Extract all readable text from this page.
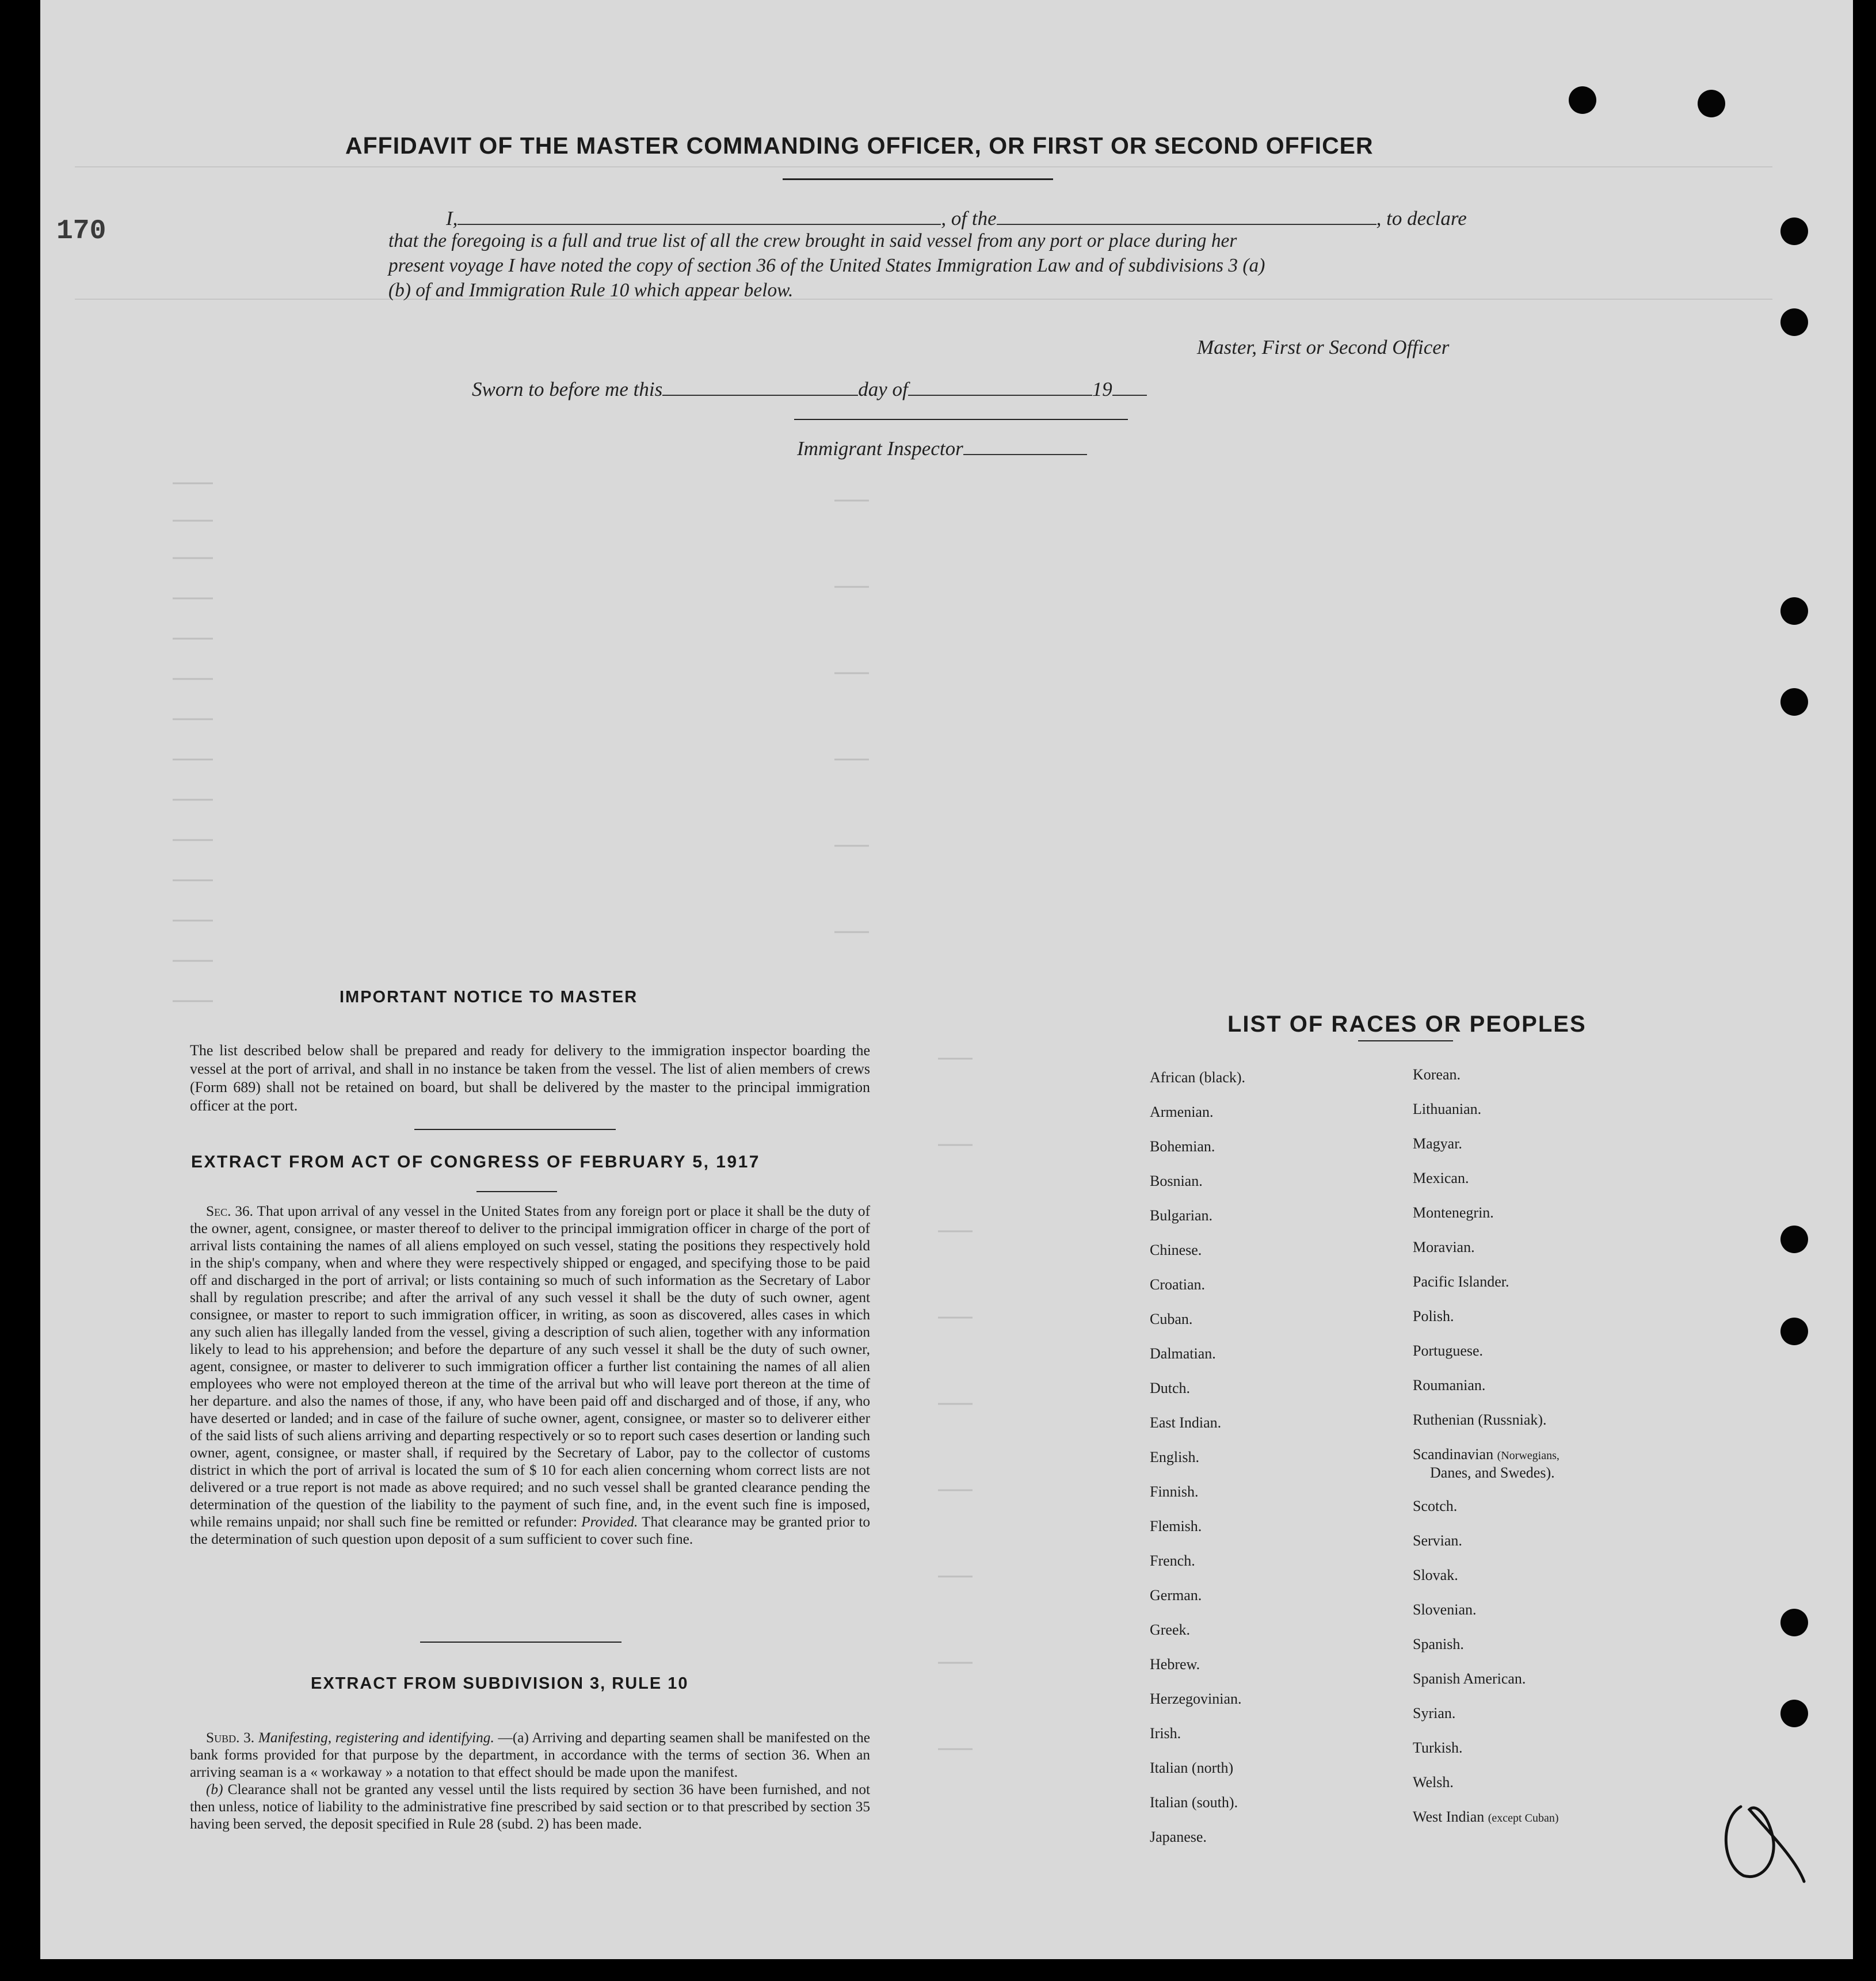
170
AFFIDAVIT OF THE MASTER COMMANDING OFFICER, OR FIRST OR SECOND OFFICER
I,	, of the	, to declare
that the foregoing is a full and true list of all the crew brought in said vessel from any port or place during her
present voyage I have noted the copy of section 36 of the United States Immigration Law and of subdivisions 3 (a)
(b) of and Immigration Rule 10 which appear below.
Master, First or Second Officer
Sworn to before me this	day of	19
Immigrant Inspector
IMPORTANT NOTICE TO MASTER

The list described below shall be prepared and ready for delivery to the immigration inspector boarding the vessel at the port of arrival, and shall in no instance be taken from the vessel. The list of alien members of crews (Form 689) shall not be retained on board, but shall be delivered by the master to the principal immigration officer at the port.

EXTRACT FROM ACT OF CONGRESS OF FEBRUARY 5, 1917

Sec. 36. That upon arrival of any vessel in the United States from any foreign port or place it shall be the duty of the owner, agent, consignee, or master thereof to deliver to the principal immigration officer in charge of the port of arrival lists containing the names of all aliens employed on such vessel, stating the positions they respectively hold in the ship's company, when and where they were respectively shipped or engaged, and specifying those to be paid off and discharged in the port of arrival; or lists containing so much of such information as the Secretary of Labor shall by regulation prescribe; and after the arrival of any such vessel it shall be the duty of such owner, agent consignee, or master to report to such immigration officer, in writing, as soon as discovered, alles cases in which any such alien has illegally landed from the vessel, giving a description of such alien, together with any information likely to lead to his apprehension; and before the departure of any such vessel it shall be the duty of such owner, agent, consignee, or master to deliverer to such immigration officer a further list containing the names of all alien employees who were not employed thereon at the time of the arrival but who will leave port thereon at the time of her departure. and also the names of those, if any, who have been paid off and discharged and of those, if any, who have deserted or landed; and in case of the failure of suche owner, agent, consignee, or master so to deliverer either of the said lists of such aliens arriving and departing respectively or so to report such cases desertion or landing such owner, agent, consignee, or master shall, if required by the Secretary of Labor, pay to the collector of customs district in which the port of arrival is located the sum of $ 10 for each alien concerning whom correct lists are not delivered or a true report is not made as above required; and no such vessel shall be granted clearance pending the determination of the question of the liability to the payment of such fine, and, in the event such fine is imposed, while remains unpaid; nor shall such fine be remitted or refunder: Provided. That clearance may be granted prior to the determination of such question upon deposit of a sum sufficient to cover such fine.

EXTRACT FROM SUBDIVISION 3, RULE 10

Subd. 3. Manifesting, registering and identifying. —(a) Arriving and departing seamen shall be manifested on the bank forms provided for that purpose by the department, in accordance with the terms of section 36. When an arriving seaman is a « workaway » a notation to that effect should be made upon the manifest.

(b) Clearance shall not be granted any vessel until the lists required by section 36 have been furnished, and not then unless, notice of liability to the administrative fine prescribed by said section or to that prescribed by section 35 having been served, the deposit specified in Rule 28 (subd. 2) has been made.

LIST OF RACES OR PEOPLES
African (black).
Armenian.
Bohemian.
Bosnian.
Bulgarian.
Chinese.
Croatian.
Cuban.
Dalmatian.
Dutch.
East Indian.
English.
Finnish.
Flemish.
French.
German.
Greek.
Hebrew.
Herzegovinian.
Irish.
Italian (north)
Italian (south).
Japanese.
Korean.
Lithuanian.
Magyar.
Mexican.
Montenegrin.
Moravian.
Pacific Islander.
Polish.
Portuguese.
Roumanian.
Ruthenian (Russniak).
Scandinavian (Norwegians,
Danes, and Swedes).
Scotch.
Servian.
Slovak.
Slovenian.
Spanish.
Spanish American.
Syrian.
Turkish.
Welsh.
West Indian (except Cuban)
